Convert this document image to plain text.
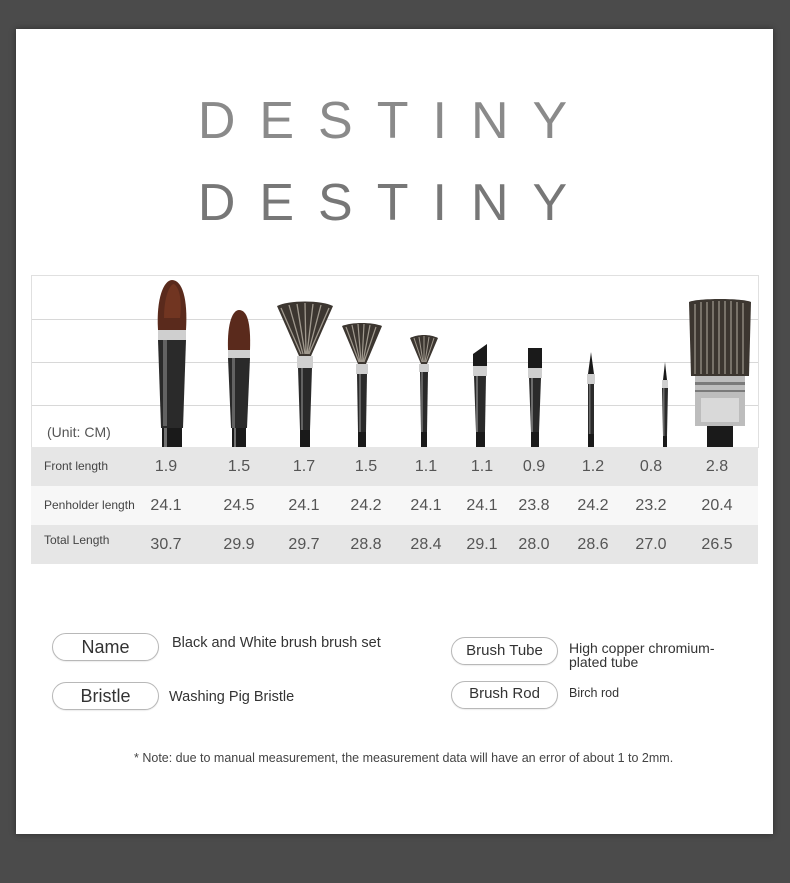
DESTINY
DESTINY
(Unit: CM)
Front length	1.9	1.5	1.7	1.5	1.1	1.1	0.9	1.2	0.8	2.8
Penholder length 24.1	24.5	24.1	24.2	24.1	24.1	23.8	24.2	23.2	20.4
Total Length	30.7	29.9	29.7	28.8	28.4	29.1	28.0	28.6	27.0	26.5
Name	Black and White brush brush set
Bristle	Washing Pig Bristle
Brush Tube	High copper chromium-plated tube
Brush Rod	Birch rod
* Note: due to manual measurement, the measurement data will have an error of about 1 to 2mm.
